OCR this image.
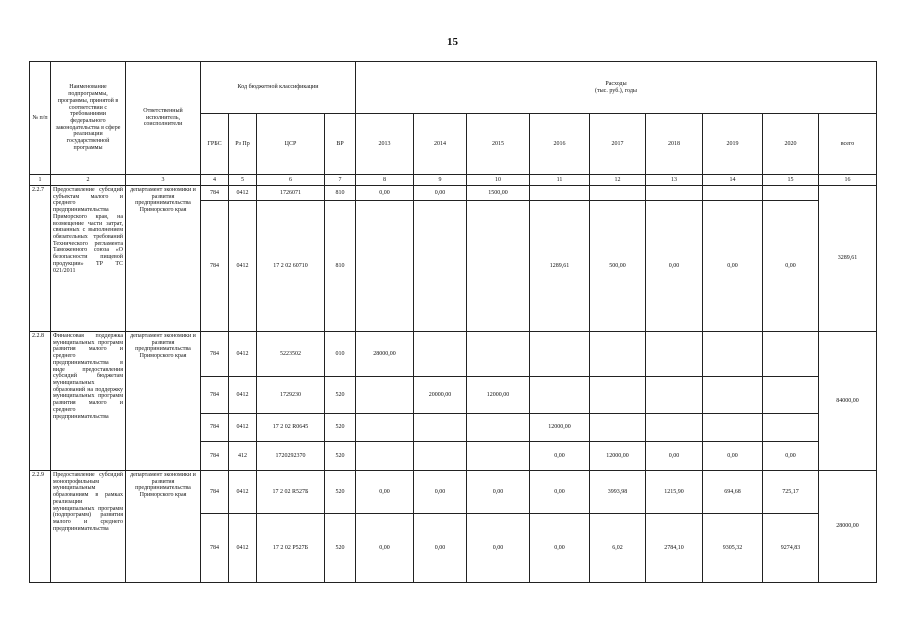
15
№ п/п	Наименование подпрограммы, программы, принятой в соответствии с требованиями федерального законодательства в сфере реализации государственной программы	Ответственный исполнитель, соисполнители	Код бюджетной классификации				Расходы
(тыс. руб.), годы								

			ГРБС	Рз Пр	ЦСР	ВР	2013	2014	2015	2016	2017	2018	2019	2020	всего
1	2	3	4	5	6	7	8	9	10	11	12	13	14	15	16
2.2.7	Предоставление субсидий субъектам малого и среднего предпринимательства Приморского края, на возмещение части затрат, связанных с выполнением обязательных требований Технического регламента Таможенного союза «О безопасности пищевой продукции» ТР ТС 021/2011	департамент экономики и развития предпринимательства Приморского края	784	0412	1726071	810	0,00	0,00	1500,00						3289,61
			784	0412	17 2 02 60710	810				1289,61	500,00	0,00	0,00	0,00	
2.2.8	Финансовая поддержка муниципальных программ развития малого и среднего предпринимательства в виде предоставления субсидий бюджетам муниципальных образований на поддержку муниципальных программ развития малого и среднего предпринимательства	департамент экономики и развития предпринимательства Приморского края	784	0412	5223502	010	28000,00								84000,00
			784	0412	1729230	520		20000,00	12000,00						
			784	0412	17 2 02 R0645	520				12000,00					
			784	412	1720292370	520				0,00	12000,00	0,00	0,00	0,00	
2.2.9	Предоставление субсидий монопрофильным муниципальным образованиям в рамках реализации муниципальных программ (подпрограмм) развития малого и среднего предпринимательства	департамент экономики и развития предпринимательства Приморского края	784	0412	17 2 02 R527Б	520	0,00	0,00	0,00	0,00	3993,98	1215,90	694,68	725,17	28000,00
			784	0412	17 2 02 Р527Б	520	0,00	0,00	0,00	0,00	6,02	2784,10	9305,32	9274,83	
